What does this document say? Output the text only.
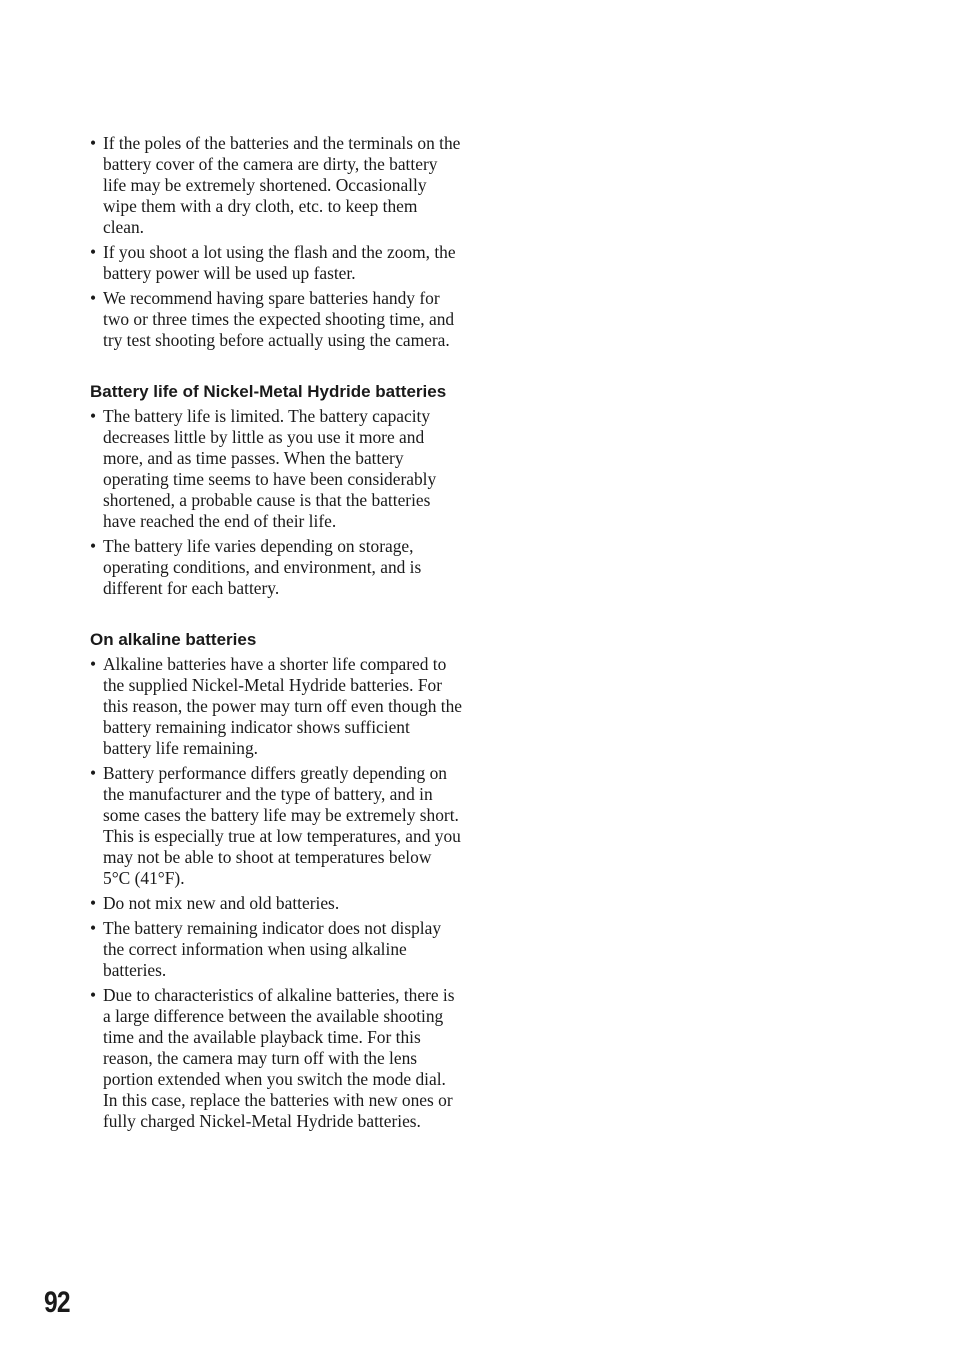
• If the poles of the batteries and the terminals on the battery cover of the camera are dirty, the battery life may be extremely shortened. Occasionally wipe them with a dry cloth, etc. to keep them clean.
• If you shoot a lot using the flash and the zoom, the battery power will be used up faster.
• We recommend having spare batteries handy for two or three times the expected shooting time, and try test shooting before actually using the camera.
Battery life of Nickel-Metal Hydride batteries
• The battery life is limited. The battery capacity decreases little by little as you use it more and more, and as time passes. When the battery operating time seems to have been considerably shortened, a probable cause is that the batteries have reached the end of their life.
• The battery life varies depending on storage, operating conditions, and environment, and is different for each battery.
On alkaline batteries
• Alkaline batteries have a shorter life compared to the supplied Nickel-Metal Hydride batteries. For this reason, the power may turn off even though the battery remaining indicator shows sufficient battery life remaining.
• Battery performance differs greatly depending on the manufacturer and the type of battery, and in some cases the battery life may be extremely short. This is especially true at low temperatures, and you may not be able to shoot at temperatures below 5°C (41°F).
• Do not mix new and old batteries.
• The battery remaining indicator does not display the correct information when using alkaline batteries.
• Due to characteristics of alkaline batteries, there is a large difference between the available shooting time and the available playback time. For this reason, the camera may turn off with the lens portion extended when you switch the mode dial. In this case, replace the batteries with new ones or fully charged Nickel-Metal Hydride batteries.
92
